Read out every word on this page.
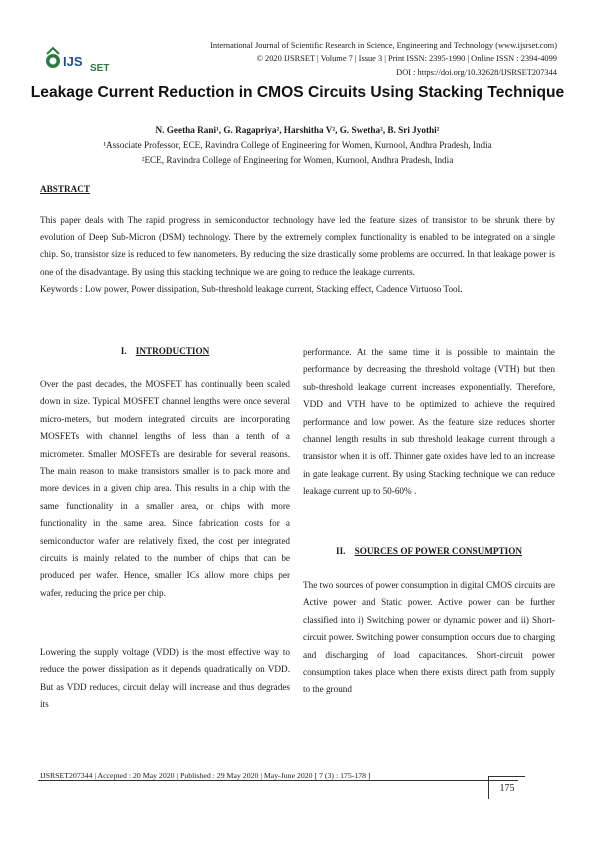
International Journal of Scientific Research in Science, Engineering and Technology (www.ijsrset.com)
© 2020 IJSRSET | Volume 7 | Issue 3 | Print ISSN: 2395-1990 | Online ISSN : 2394-4099
DOI : https://doi.org/10.32628/IJSRSET207344
IJS SET
Leakage Current Reduction in CMOS Circuits Using Stacking Technique
N. Geetha Rani¹, G. Ragapriya², Harshitha V², G. Swetha², B. Sri Jyothi²
¹Associate Professor, ECE, Ravindra College of Engineering for Women, Kurnool, Andhra Pradesh, India
²ECE, Ravindra College of Engineering for Women, Kurnool, Andhra Pradesh, India
ABSTRACT
This paper deals with The rapid progress in semiconductor technology have led the feature sizes of transistor to be shrunk there by evolution of Deep Sub-Micron (DSM) technology. There by the extremely complex functionality is enabled to be integrated on a single chip. So, transistor size is reduced to few nanometers. By reducing the size drastically some problems are occurred. In that leakage power is one of the disadvantage. By using this stacking technique we are going to reduce the leakage currents.
Keywords : Low power, Power dissipation, Sub-threshold leakage current, Stacking effect, Cadence Virtuoso Tool.
I. INTRODUCTION
Over the past decades, the MOSFET has continually been scaled down in size. Typical MOSFET channel lengths were once several micro-meters, but modern integrated circuits are incorporating MOSFETs with channel lengths of less than a tenth of a micrometer. Smaller MOSFETs are desirable for several reasons. The main reason to make transistors smaller is to pack more and more devices in a given chip area. This results in a chip with the same functionality in a smaller area, or chips with more functionality in the same area. Since fabrication costs for a semiconductor wafer are relatively fixed, the cost per integrated circuits is mainly related to the number of chips that can be produced per wafer. Hence, smaller ICs allow more chips per wafer, reducing the price per chip.
Lowering the supply voltage (VDD) is the most effective way to reduce the power dissipation as it depends quadratically on VDD. But as VDD reduces, circuit delay will increase and thus degrades its
performance. At the same time it is possible to maintain the performance by decreasing the threshold voltage (VTH) but then sub-threshold leakage current increases exponentially. Therefore, VDD and VTH have to be optimized to achieve the required performance and low power. As the feature size reduces shorter channel length results in sub threshold leakage current through a transistor when it is off. Thinner gate oxides have led to an increase in gate leakage current. By using Stacking technique we can reduce leakage current up to 50-60% .
II. SOURCES OF POWER CONSUMPTION
The two sources of power consumption in digital CMOS circuits are Active power and Static power. Active power can be further classified into i) Switching power or dynamic power and ii) Short-circuit power. Switching power consumption occurs due to charging and discharging of load capacitances. Short-circuit power consumption takes place when there exists direct path from supply to the ground
IJSRSET207344 | Accepted : 20 May 2020 | Published : 29 May 2020 | May-June 2020 [ 7 (3) : 175-178 ]
175
